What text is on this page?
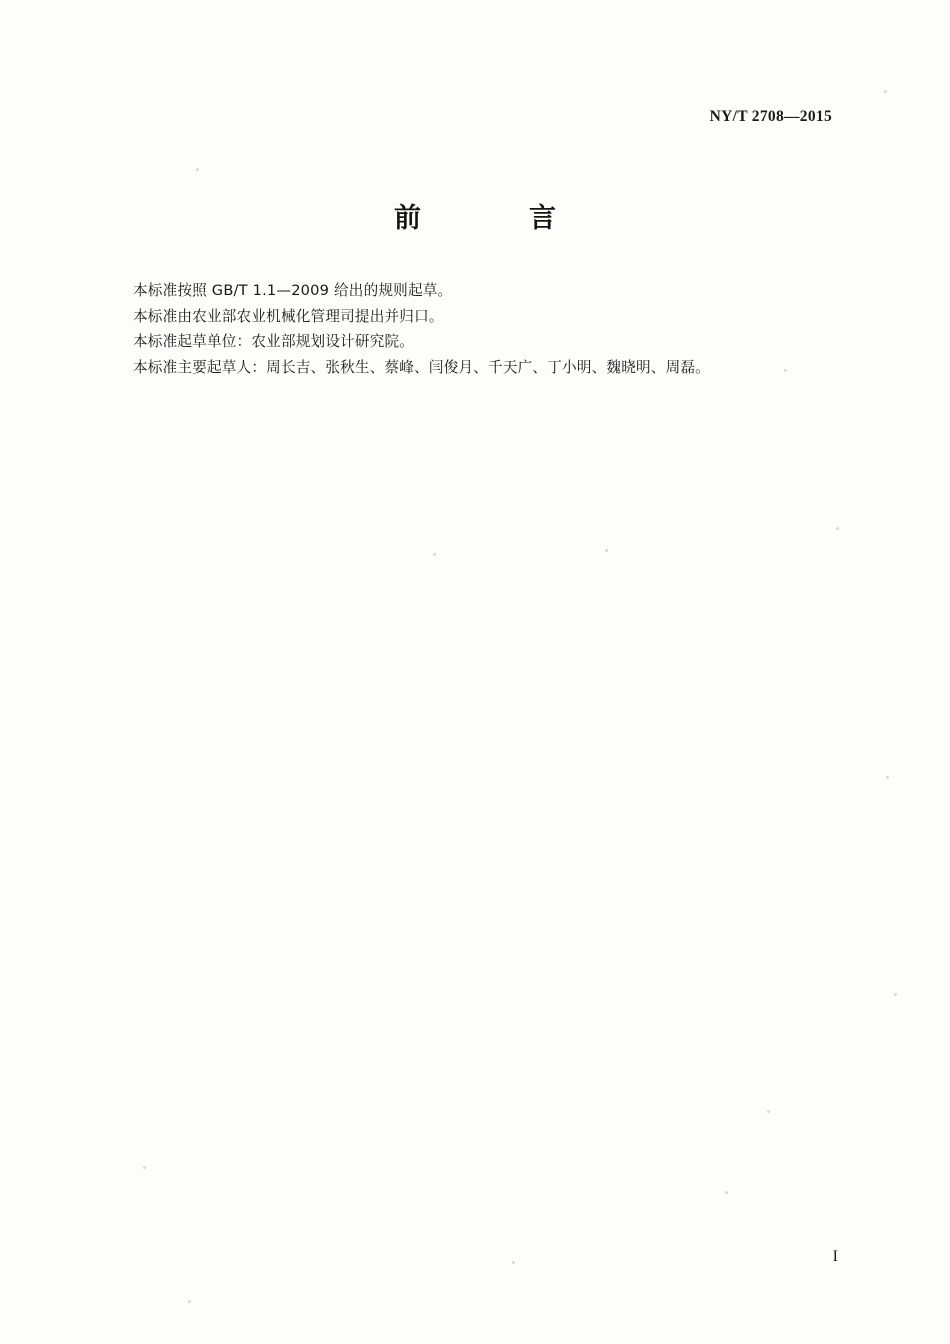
NY/T 2708—2015
前　　言
本标准按照 GB/T 1.1—2009 给出的规则起草。
本标准由农业部农业机械化管理司提出并归口。
本标准起草单位：农业部规划设计研究院。
本标准主要起草人：周长吉、张秋生、蔡峰、闫俊月、千天广、丁小明、魏晓明、周磊。
I
